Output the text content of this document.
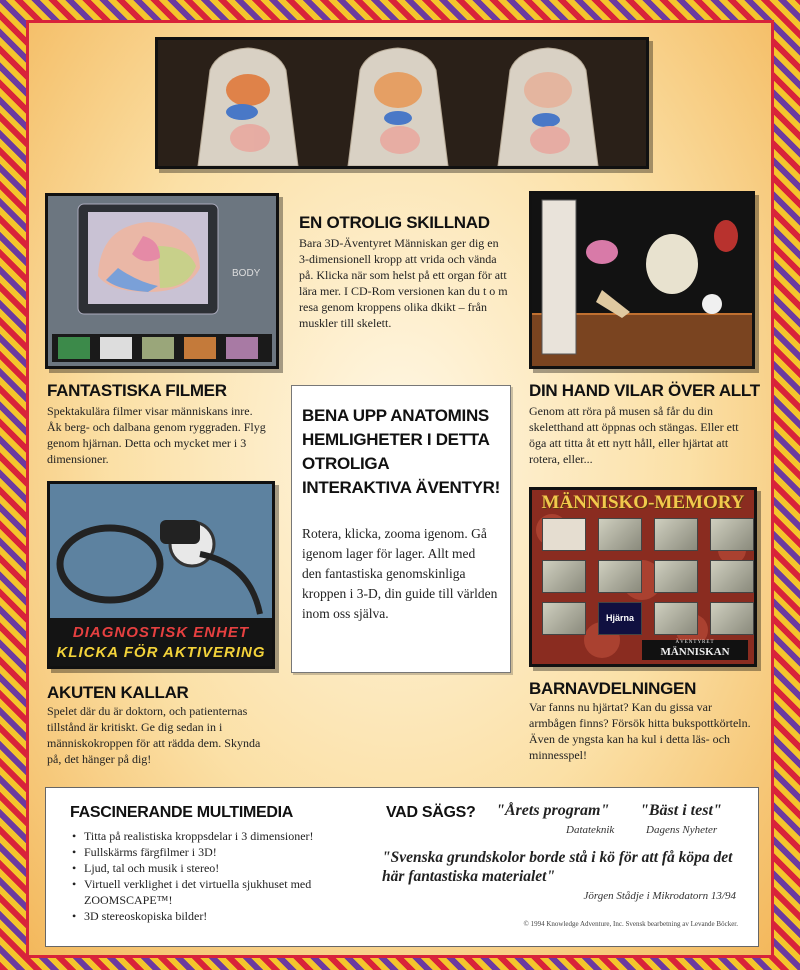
BODY
EN OTROLIG SKILLNAD

Bara 3D-Äventyret Människan ger dig en 3-dimensionell kropp att vrida och vända på. Klicka när som helst på ett organ för att lära mer. I CD-Rom versionen kan du t o m resa genom kroppens olika dkikt – från muskler till skelett.

FANTASTISKA FILMER

Spektakulära filmer visar människans inre. Åk berg- och dalbana genom ryggraden. Flyg genom hjärnan. Detta och mycket mer i 3 dimensioner.

BENA UPP ANATOMINS HEMLIGHETER I DETTA OTROLIGA INTERAKTIVA ÄVENTYR!

Rotera, klicka, zooma igenom. Gå igenom lager för lager. Allt med den fantastiska genomskinliga kroppen i 3-D, din guide till världen inom oss själva.

DIN HAND VILAR ÖVER ALLT

Genom att röra på musen så får du din skeletthand att öppnas och stängas. Eller ett öga att titta åt ett nytt håll, eller hjärtat att rotera, eller...

DIAGNOSTISK ENHET
KLICKA FÖR AKTIVERING
MÄNNISKO-MEMORY
Hjärna
ÄVENTYRET
MÄNNISKAN
AKUTEN KALLAR

Spelet där du är doktorn, och patienternas tillstånd är kritiskt. Ge dig sedan in i människokroppen för att rädda dem. Skynda på, det hänger på dig!

BARNAVDELNINGEN

Var fanns nu hjärtat? Kan du gissa var armbågen finns? Försök hitta bukspottkörteln. Även de yngsta kan ha kul i detta läs- och minnesspel!

FASCINERANDE MULTIMEDIA
• Titta på realistiska kroppsdelar i 3 dimensioner!
• Fullskärms färgfilmer i 3D!
• Ljud, tal och musik i stereo!
• Virtuell verklighet i det virtuella sjukhuset med ZOOMSCAPE™!
• 3D stereoskopiska bilder!
VAD SÄGS? "Årets program"
Datateknik
"Bäst i test"
Dagens Nyheter
"Svenska grundskolor borde stå i kö för att få köpa det här fantastiska materialet"
Jörgen Stådje i Mikrodatorn 13/94
© 1994 Knowledge Adventure, Inc. Svensk bearbetning av Levande Böcker.
